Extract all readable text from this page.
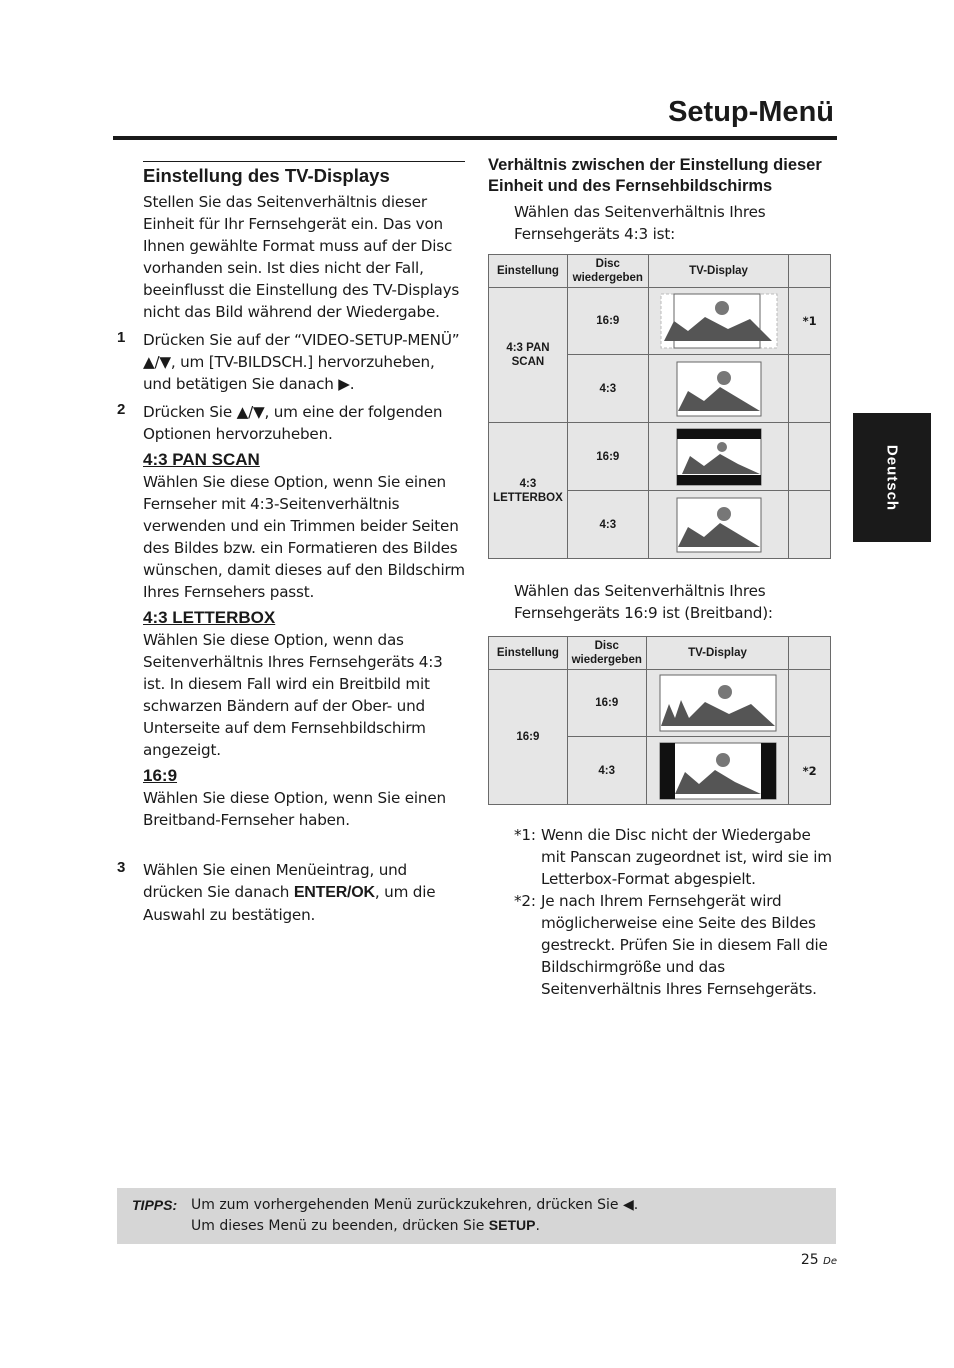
Setup-Menü
Deutsch
Einstellung des TV-Displays

Stellen Sie das Seitenverhältnis dieser Einheit für Ihr Fernsehgerät ein. Das von Ihnen gewählte Format muss auf der Disc vorhanden sein. Ist dies nicht der Fall, beeinflusst die Einstellung des TV-Displays nicht das Bild während der Wiedergabe.

1 Drücken Sie auf der “VIDEO-SETUP-MENÜ” ▲/▼, um [TV-BILDSCH.] hervorzuheben, und betätigen Sie danach ▶.

2 Drücken Sie ▲/▼, um eine der folgenden Optionen hervorzuheben.

4:3 PAN SCAN

Wählen Sie diese Option, wenn Sie einen Fernseher mit 4:3-Seitenverhältnis verwenden und ein Trimmen beider Seiten des Bildes bzw. ein Formatieren des Bildes wünschen, damit dieses auf den Bildschirm Ihres Fernsehers passt.

4:3 LETTERBOX

Wählen Sie diese Option, wenn das Seitenverhältnis Ihres Fernsehgeräts 4:3 ist. In diesem Fall wird ein Breitbild mit schwarzen Bändern auf der Ober- und Unterseite auf dem Fernsehbildschirm angezeigt.

16:9

Wählen Sie diese Option, wenn Sie einen Breitband-Fernseher haben.

3 Wählen Sie einen Menüeintrag, und drücken Sie danach ENTER/OK, um die Auswahl zu bestätigen.

Verhältnis zwischen der Einstellung dieser Einheit und des Fernsehbildschirms

Wählen das Seitenverhältnis Ihres Fernsehgeräts 4:3 ist:

Einstellung	Disc wiedergeben	TV-Display	
4:3 PAN SCAN	16:9		*1
	4:3	

4:3 LETTERBOX	16:9	

	4:3	

Wählen das Seitenverhältnis Ihres Fernsehgeräts 16:9 ist (Breitband):

Einstellung	Disc wiedergeben	TV-Display	
16:9	16:9	

	4:3		*2
*1: Wenn die Disc nicht der Wiedergabe mit Panscan zugeordnet ist, wird sie im Letterbox-Format abgespielt.
*2: Je nach Ihrem Fernsehgerät wird möglicherweise eine Seite des Bildes gestreckt. Prüfen Sie in diesem Fall die Bildschirmgröße und das Seitenverhältnis Ihres Fernsehgeräts.
TIPPS: Um zum vorhergehenden Menü zurückzukehren, drücken Sie ◀.
Um dieses Menü zu beenden, drücken Sie SETUP.
25 De
